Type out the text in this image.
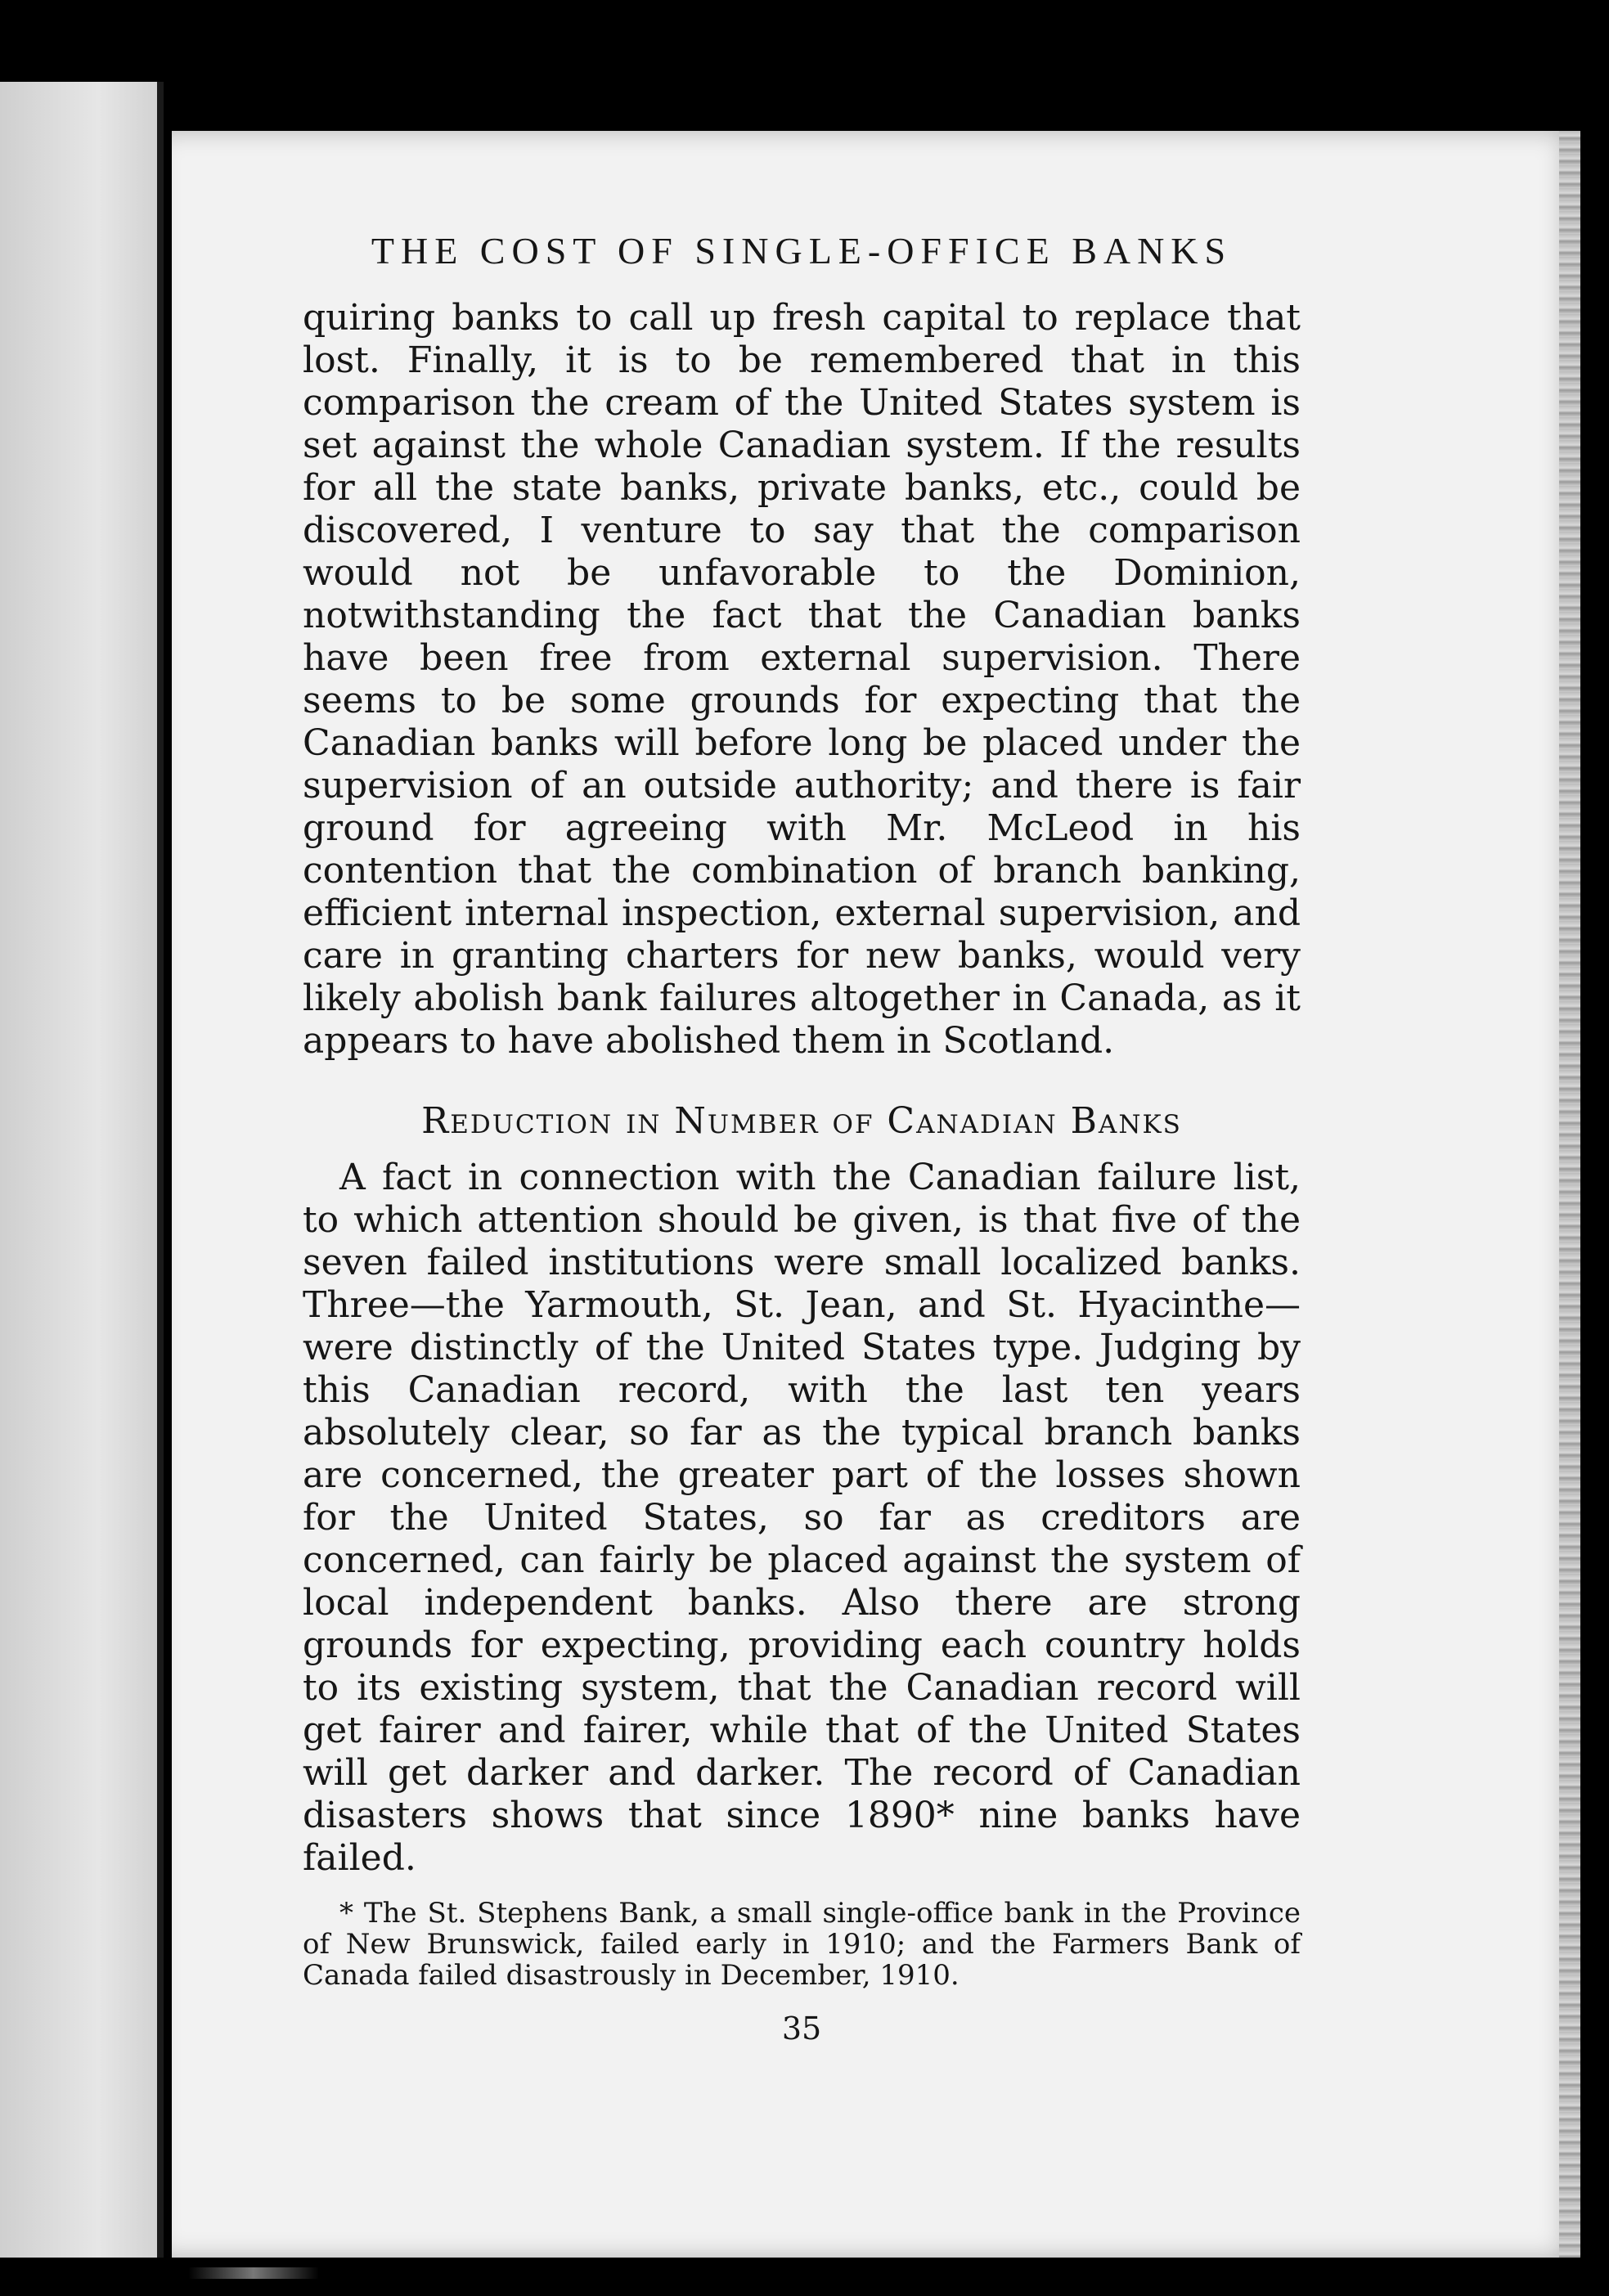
THE COST OF SINGLE-OFFICE BANKS

quiring banks to call up fresh capital to replace that lost. Finally, it is to be remembered that in this comparison the cream of the United States system is set against the whole Canadian system. If the results for all the state banks, private banks, etc., could be discovered, I venture to say that the comparison would not be unfavorable to the Dominion, notwithstanding the fact that the Canadian banks have been free from external supervision. There seems to be some grounds for expecting that the Canadian banks will before long be placed under the supervision of an outside authority; and there is fair ground for agreeing with Mr. McLeod in his contention that the combination of branch banking, efficient internal inspection, external supervision, and care in granting charters for new banks, would very likely abolish bank failures altogether in Canada, as it appears to have abolished them in Scotland.

Reduction in Number of Canadian Banks

A fact in connection with the Canadian failure list, to which attention should be given, is that five of the seven failed institutions were small localized banks. Three—the Yarmouth, St. Jean, and St. Hyacinthe—were distinctly of the United States type. Judging by this Canadian record, with the last ten years absolutely clear, so far as the typical branch banks are concerned, the greater part of the losses shown for the United States, so far as creditors are concerned, can fairly be placed against the system of local independent banks. Also there are strong grounds for expecting, providing each country holds to its existing system, that the Canadian record will get fairer and fairer, while that of the United States will get darker and darker. The record of Canadian disasters shows that since 1890* nine banks have failed.

* The St. Stephens Bank, a small single-office bank in the Province of New Brunswick, failed early in 1910; and the Farmers Bank of Canada failed disastrously in December, 1910.

35
